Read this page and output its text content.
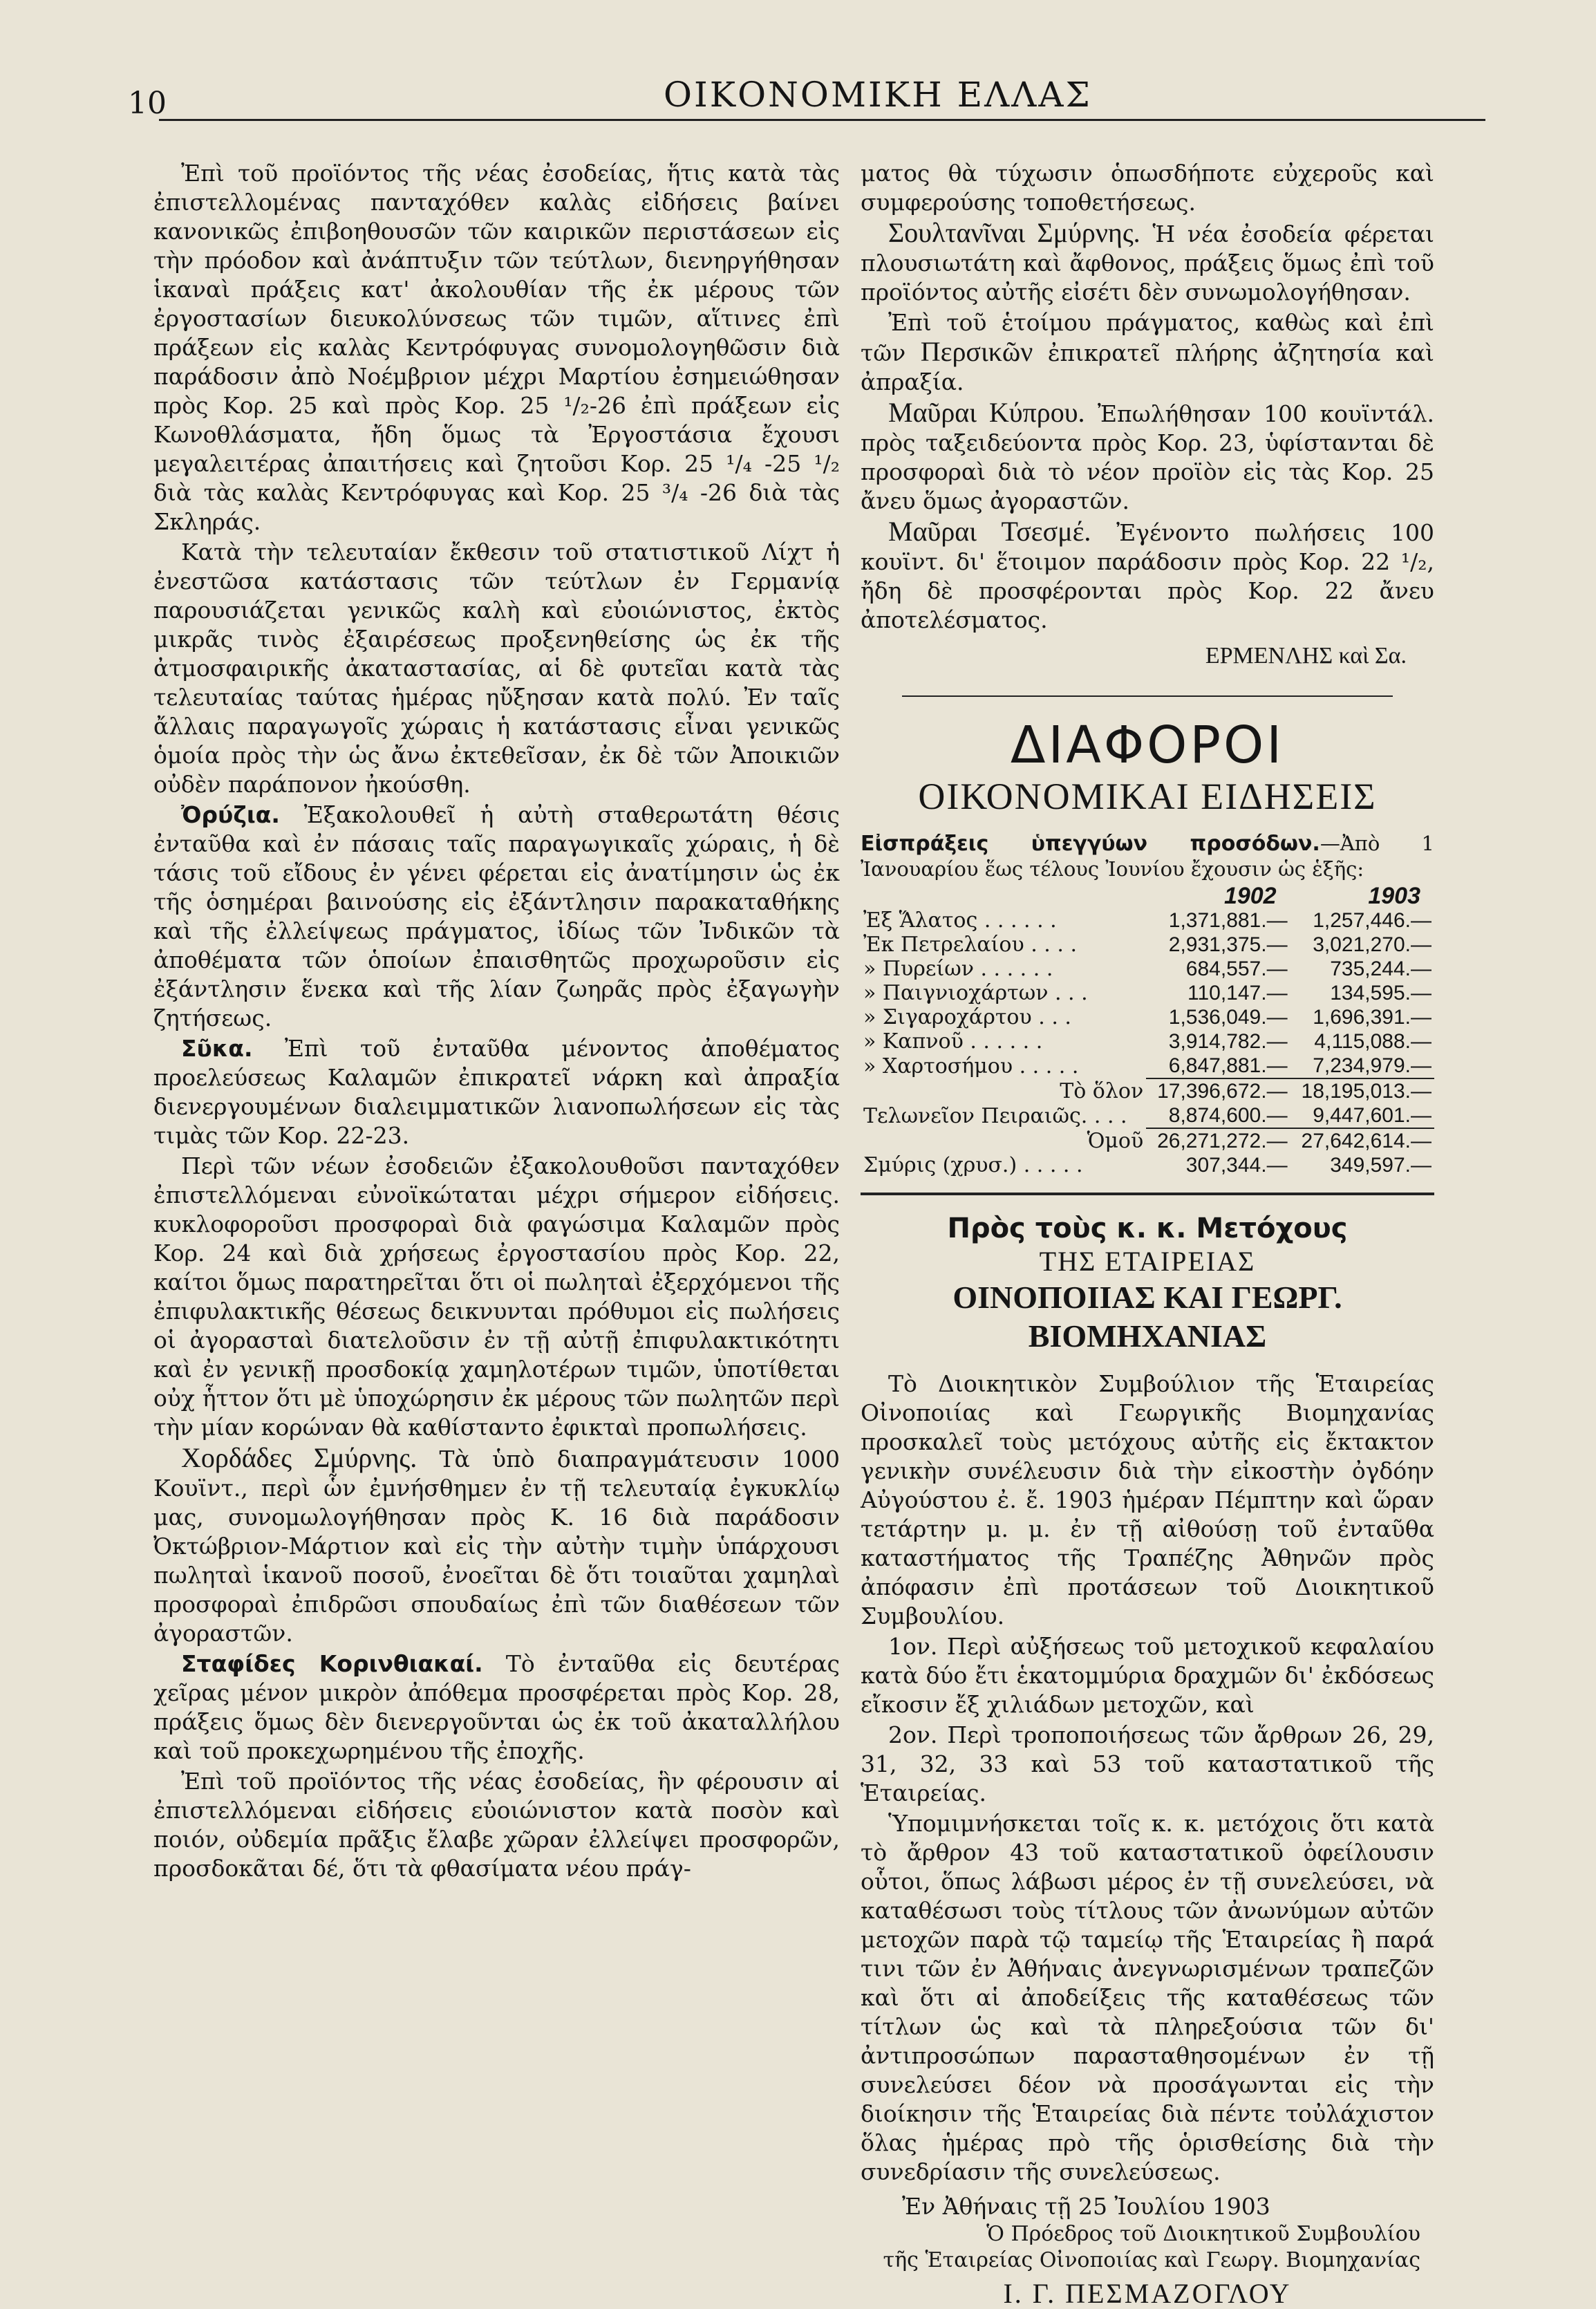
10	ΟΙΚΟΝΟΜΙΚΗ ΕΛΛΑΣ

Ἐπὶ τοῦ προϊόντος τῆς νέας ἐσοδείας, ἥτις κατὰ τὰς ἐπιστελλομένας πανταχόθεν καλὰς εἰδήσεις βαίνει κανονικῶς ἐπιβοηθουσῶν τῶν καιρικῶν περιστάσεων εἰς τὴν πρόοδον καὶ ἀνάπτυξιν τῶν τεύτλων, διενηργήθησαν ἱκαναὶ πράξεις κατ' ἀκολουθίαν τῆς ἐκ μέρους τῶν ἐργοστασίων διευκολύνσεως τῶν τιμῶν, αἵτινες ἐπὶ πράξεων εἰς καλὰς Κεντρόφυγας συνομολογηθῶσιν διὰ παράδοσιν ἀπὸ Νοέμβριον μέχρι Μαρτίου ἐσημειώθησαν πρὸς Κορ. 25 καὶ πρὸς Κορ. 25 ¹/₂-26 ἐπὶ πράξεων εἰς Κωνοθλάσματα, ἤδη ὅμως τὰ Ἐργοστάσια ἔχουσι μεγαλειτέρας ἀπαιτήσεις καὶ ζητοῦσι Κορ. 25 ¹/₄ -25 ¹/₂ διὰ τὰς καλὰς Κεντρόφυγας καὶ Κορ. 25 ³/₄ -26 διὰ τὰς Σκληράς.

Κατὰ τὴν τελευταίαν ἔκθεσιν τοῦ στατιστικοῦ Λίχτ ἡ ἐνεστῶσα κατάστασις τῶν τεύτλων ἐν Γερμανίᾳ παρουσιάζεται γενικῶς καλὴ καὶ εὐοιώνιστος, ἐκτὸς μικρᾶς τινὸς ἐξαιρέσεως προξενηθείσης ὡς ἐκ τῆς ἀτμοσφαιρικῆς ἀκαταστασίας, αἱ δὲ φυτεῖαι κατὰ τὰς τελευταίας ταύτας ἡμέρας ηὔξησαν κατὰ πολύ. Ἐν ταῖς ἄλλαις παραγωγοῖς χώραις ἡ κατάστασις εἶναι γενικῶς ὁμοία πρὸς τὴν ὡς ἄνω ἐκτεθεῖσαν, ἐκ δὲ τῶν Ἀποικιῶν οὐδὲν παράπονον ἠκούσθη.

Ὀρύζια. Ἐξακολουθεῖ ἡ αὐτὴ σταθερωτάτη θέσις ἐνταῦθα καὶ ἐν πάσαις ταῖς παραγωγικαῖς χώραις, ἡ δὲ τάσις τοῦ εἴδους ἐν γένει φέρεται εἰς ἀνατίμησιν ὡς ἐκ τῆς ὁσημέραι βαινούσης εἰς ἐξάντλησιν παρακαταθήκης καὶ τῆς ἐλλείψεως πράγματος, ἰδίως τῶν Ἰνδικῶν τὰ ἀποθέματα τῶν ὁποίων ἐπαισθητῶς προχωροῦσιν εἰς ἐξάντλησιν ἕνεκα καὶ τῆς λίαν ζωηρᾶς πρὸς ἐξαγωγὴν ζητήσεως.

Σῦκα. Ἐπὶ τοῦ ἐνταῦθα μένοντος ἀποθέματος προελεύσεως Καλαμῶν ἐπικρατεῖ νάρκη καὶ ἀπραξία διενεργουμένων διαλειμματικῶν λιανοπωλήσεων εἰς τὰς τιμὰς τῶν Κορ. 22-23.

Περὶ τῶν νέων ἐσοδειῶν ἐξακολουθοῦσι πανταχόθεν ἐπιστελλόμεναι εὐνοϊκώταται μέχρι σήμερον εἰδήσεις. κυκλοφοροῦσι προσφοραὶ διὰ φαγώσιμα Καλαμῶν πρὸς Κορ. 24 καὶ διὰ χρήσεως ἐργοστασίου πρὸς Κορ. 22, καίτοι ὅμως παρατηρεῖται ὅτι οἱ πωληταὶ ἐξερχόμενοι τῆς ἐπιφυλακτικῆς θέσεως δεικνυνται πρόθυμοι εἰς πωλήσεις οἱ ἀγορασταὶ διατελοῦσιν ἐν τῇ αὐτῇ ἐπιφυλακτικότητι καὶ ἐν γενικῇ προσδοκίᾳ χαμηλοτέρων τιμῶν, ὑποτίθεται οὐχ ἧττον ὅτι μὲ ὑποχώρησιν ἐκ μέρους τῶν πωλητῶν περὶ τὴν μίαν κορώναν θὰ καθίσταντο ἐφικταὶ προπωλήσεις.

Χορδάδες Σμύρνης. Τὰ ὑπὸ διαπραγμάτευσιν 1000 Κουϊντ., περὶ ὧν ἐμνήσθημεν ἐν τῇ τελευταίᾳ ἐγκυκλίῳ μας, συνομωλογήθησαν πρὸς Κ. 16 διὰ παράδοσιν Ὀκτώβριον-Μάρτιον καὶ εἰς τὴν αὐτὴν τιμὴν ὑπάρχουσι πωληταὶ ἱκανοῦ ποσοῦ, ἐνοεῖται δὲ ὅτι τοιαῦται χαμηλαὶ προσφοραὶ ἐπιδρῶσι σπουδαίως ἐπὶ τῶν διαθέσεων τῶν ἀγοραστῶν.

Σταφίδες Κορινθιακαί. Τὸ ἐνταῦθα εἰς δευτέρας χεῖρας μένον μικρὸν ἀπόθεμα προσφέρεται πρὸς Κορ. 28, πράξεις ὅμως δὲν διενεργοῦνται ὡς ἐκ τοῦ ἀκαταλλήλου καὶ τοῦ προκεχωρημένου τῆς ἐποχῆς.

Ἐπὶ τοῦ προϊόντος τῆς νέας ἐσοδείας, ἣν φέρουσιν αἱ ἐπιστελλόμεναι εἰδήσεις εὐοιώνιστον κατὰ ποσὸν καὶ ποιόν, οὐδεμία πρᾶξις ἔλαβε χῶραν ἐλλείψει προσφορῶν, προσδοκᾶται δέ, ὅτι τὰ φθασίματα νέου πράγ-

ματος θὰ τύχωσιν ὁπωσδήποτε εὐχεροῦς καὶ συμφερούσης τοποθετήσεως.

Σουλτανῖναι Σμύρνης. Ἡ νέα ἐσοδεία φέρεται πλουσιωτάτη καὶ ἄφθονος, πράξεις ὅμως ἐπὶ τοῦ προϊόντος αὐτῆς εἰσέτι δὲν συνωμολογήθησαν.

Ἐπὶ τοῦ ἑτοίμου πράγματος, καθὼς καὶ ἐπὶ τῶν Περσικῶν ἐπικρατεῖ πλήρης ἀζητησία καὶ ἀπραξία.

Μαῦραι Κύπρου. Ἐπωλήθησαν 100 κουϊντάλ. πρὸς ταξειδεύοντα πρὸς Κορ. 23, ὑφίστανται δὲ προσφοραὶ διὰ τὸ νέον προϊὸν εἰς τὰς Κορ. 25 ἄνευ ὅμως ἀγοραστῶν.

Μαῦραι Τσεσμέ. Ἐγένοντο πωλήσεις 100 κουϊντ. δι' ἕτοιμον παράδοσιν πρὸς Κορ. 22 ¹/₂, ἤδη δὲ προσφέρονται πρὸς Κορ. 22 ἄνευ ἀποτελέσματος.

ΕΡΜΕΝΛΗΣ καὶ Σα.
ΔΙΑΦΟΡΟΙ
ΟΙΚΟΝΟΜΙΚΑΙ ΕΙΔΗΣΕΙΣ
Εἰσπράξεις ὑπεγγύων προσόδων.—Ἀπὸ 1 Ἰανουαρίου ἕως τέλους Ἰουνίου ἔχουσιν ὡς ἑξῆς:
	1902	1903
Ἐξ Ἅλατος . . . . . .	1,371,881.—	1,257,446.—
Ἐκ Πετρελαίου . . . .	2,931,375.—	3,021,270.—
» Πυρείων . . . . . .	684,557.—	735,244.—
» Παιγνιοχάρτων . . .	110,147.—	134,595.—
» Σιγαροχάρτου . . .	1,536,049.—	1,696,391.—
» Καπνοῦ . . . . . .	3,914,782.—	4,115,088.—
» Χαρτοσήμου . . . . .	6,847,881.—	7,234,979.—
Τὸ ὅλον	17,396,672.—	18,195,013.—
Τελωνεῖον Πειραιῶς. . . .	8,874,600.—	9,447,601.—
Ὁμοῦ	26,271,272.—	27,642,614.—
Σμύρις (χρυσ.) . . . . .	307,344.—	349,597.—
Πρὸς τοὺς κ. κ. Μετόχους
ΤΗΣ ΕΤΑΙΡΕΙΑΣ
ΟΙΝΟΠΟΙΙΑΣ ΚΑΙ ΓΕΩΡΓ. ΒΙΟΜΗΧΑΝΙΑΣ

Τὸ Διοικητικὸν Συμβούλιον τῆς Ἑταιρείας Οἰνοποιίας καὶ Γεωργικῆς Βιομηχανίας προσκαλεῖ τοὺς μετόχους αὐτῆς εἰς ἔκτακτον γενικὴν συνέλευσιν διὰ τὴν εἰκοστὴν ὀγδόην Αὐγούστου ἐ. ἔ. 1903 ἡμέραν Πέμπτην καὶ ὥραν τετάρτην μ. μ. ἐν τῇ αἰθούσῃ τοῦ ἐνταῦθα καταστήματος τῆς Τραπέζης Ἀθηνῶν πρὸς ἀπόφασιν ἐπὶ προτάσεων τοῦ Διοικητικοῦ Συμβουλίου.

1ον. Περὶ αὐξήσεως τοῦ μετοχικοῦ κεφαλαίου κατὰ δύο ἔτι ἑκατομμύρια δραχμῶν δι' ἐκδόσεως εἴκοσιν ἔξ χιλιάδων μετοχῶν, καὶ

2ον. Περὶ τροποποιήσεως τῶν ἄρθρων 26, 29, 31, 32, 33 καὶ 53 τοῦ καταστατικοῦ τῆς Ἑταιρείας.

Ὑπομιμνήσκεται τοῖς κ. κ. μετόχοις ὅτι κατὰ τὸ ἄρθρον 43 τοῦ καταστατικοῦ ὀφείλουσιν οὗτοι, ὅπως λάβωσι μέρος ἐν τῇ συνελεύσει, νὰ καταθέσωσι τοὺς τίτλους τῶν ἀνωνύμων αὐτῶν μετοχῶν παρὰ τῷ ταμείῳ τῆς Ἑταιρείας ἢ παρά τινι τῶν ἐν Ἀθήναις ἀνεγνωρισμένων τραπεζῶν καὶ ὅτι αἱ ἀποδείξεις τῆς καταθέσεως τῶν τίτλων ὡς καὶ τὰ πληρεξούσια τῶν δι' ἀντιπροσώπων παρασταθησομένων ἐν τῇ συνελεύσει δέον νὰ προσάγωνται εἰς τὴν διοίκησιν τῆς Ἑταιρείας διὰ πέντε τοὐλάχιστον ὅλας ἡμέρας πρὸ τῆς ὁρισθείσης διὰ τὴν συνεδρίασιν τῆς συνελεύσεως.

Ἐν Ἀθήναις τῇ 25 Ἰουλίου 1903
Ὁ Πρόεδρος τοῦ Διοικητικοῦ Συμβουλίου
τῆς Ἑταιρείας Οἰνοποιίας καὶ Γεωργ. Βιομηχανίας
Ι. Γ. ΠΕΣΜΑΖΟΓΛΟΥ
